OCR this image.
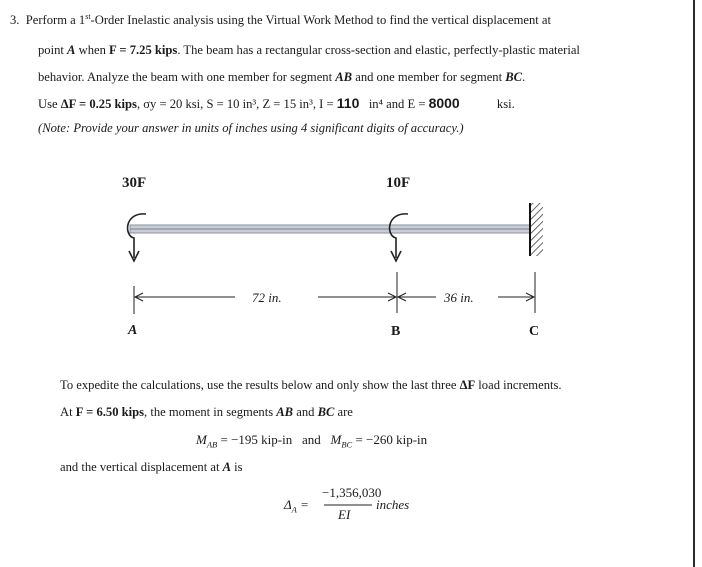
3. Perform a 1st-Order Inelastic analysis using the Virtual Work Method to find the vertical displacement at
point A when F = 7.25 kips. The beam has a rectangular cross-section and elastic, perfectly-plastic material
behavior. Analyze the beam with one member for segment AB and one member for segment BC.
Use ΔF = 0.25 kips, σy = 20 ksi, S = 10 in³, Z = 15 in³, I = 110 in⁴ and E = 8000	ksi.
(Note: Provide your answer in units of inches using 4 significant digits of accuracy.)
30F	10F
72 in.	36 in.
A	B	C
To expedite the calculations, use the results below and only show the last three ΔF load increments.
At F = 6.50 kips, the moment in segments AB and BC are
$M_{AB} = -195$ kip-in and $M_{BC} = -260$ kip-in
and the vertical displacement at A is
$\Delta_A$ =
−1,356,030
EI
inches
